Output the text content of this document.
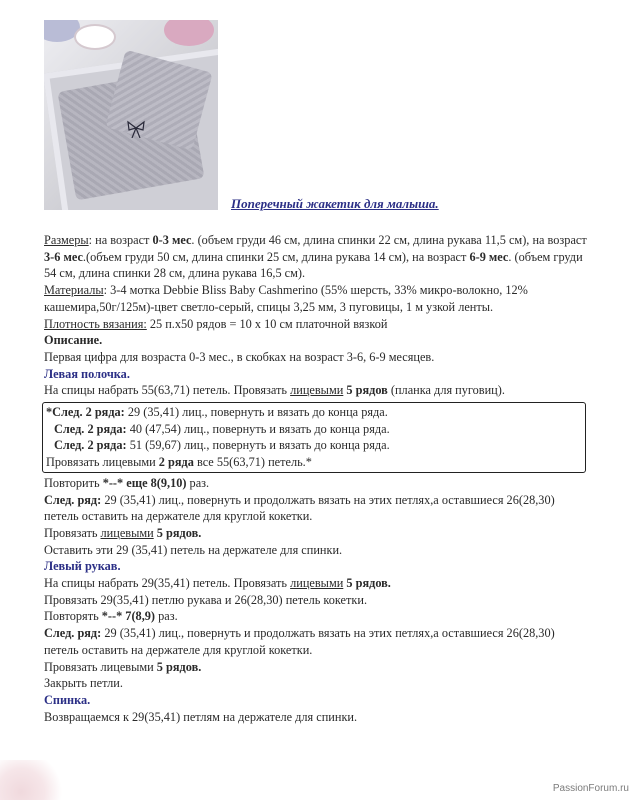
Поперечный жакетик для малыша.

Размеры: на возраст 0-3 мес. (объем груди 46 см, длина спинки 22 см, длина рукава 11,5 см), на возраст 3-6 мес.(объем груди 50 см, длина спинки 25 см, длина рукава 14 см), на возраст 6-9 мес. (объем груди 54 см, длина спинки 28 см, длина рукава 16,5 см).

Материалы: 3-4 мотка Debbie Bliss Baby Cashmerino (55% шерсть, 33% микро-волокно, 12% кашемира,50г/125м)-цвет светло-серый, спицы 3,25 мм, 3 пуговицы, 1 м узкой ленты.

Плотность вязания: 25 п.х50 рядов = 10 х 10 см платочной вязкой

Описание.

Первая цифра для возраста 0-3 мес., в скобках на возраст 3-6, 6-9 месяцев.

Левая полочка.

На спицы набрать 55(63,71) петель. Провязать лицевыми 5 рядов (планка для пуговиц).

*След. 2 ряда: 29 (35,41) лиц., повернуть и вязать до конца ряда.

След. 2 ряда: 40 (47,54) лиц., повернуть и вязать до конца ряда.

След. 2 ряда: 51 (59,67) лиц., повернуть и вязать до конца ряда.

Провязать лицевыми 2 ряда все 55(63,71) петель.*

Повторить *--* еще 8(9,10) раз.

След. ряд: 29 (35,41) лиц., повернуть и продолжать вязать на этих петлях,а оставшиеся 26(28,30) петель оставить на держателе для круглой кокетки.

Провязать лицевыми 5 рядов.

Оставить эти 29 (35,41) петель на держателе для спинки.

Левый рукав.

На спицы набрать 29(35,41) петель. Провязать лицевыми 5 рядов.

Провязать 29(35,41) петлю рукава и 26(28,30) петель кокетки.

Повторять *--* 7(8,9) раз.

След. ряд: 29 (35,41) лиц., повернуть и продолжать вязать на этих петлях,а оставшиеся 26(28,30) петель оставить на держателе для круглой кокетки.

Провязать лицевыми 5 рядов.

Закрыть петли.

Спинка.

Возвращаемся к 29(35,41) петлям на держателе для спинки.

PassionForum.ru
